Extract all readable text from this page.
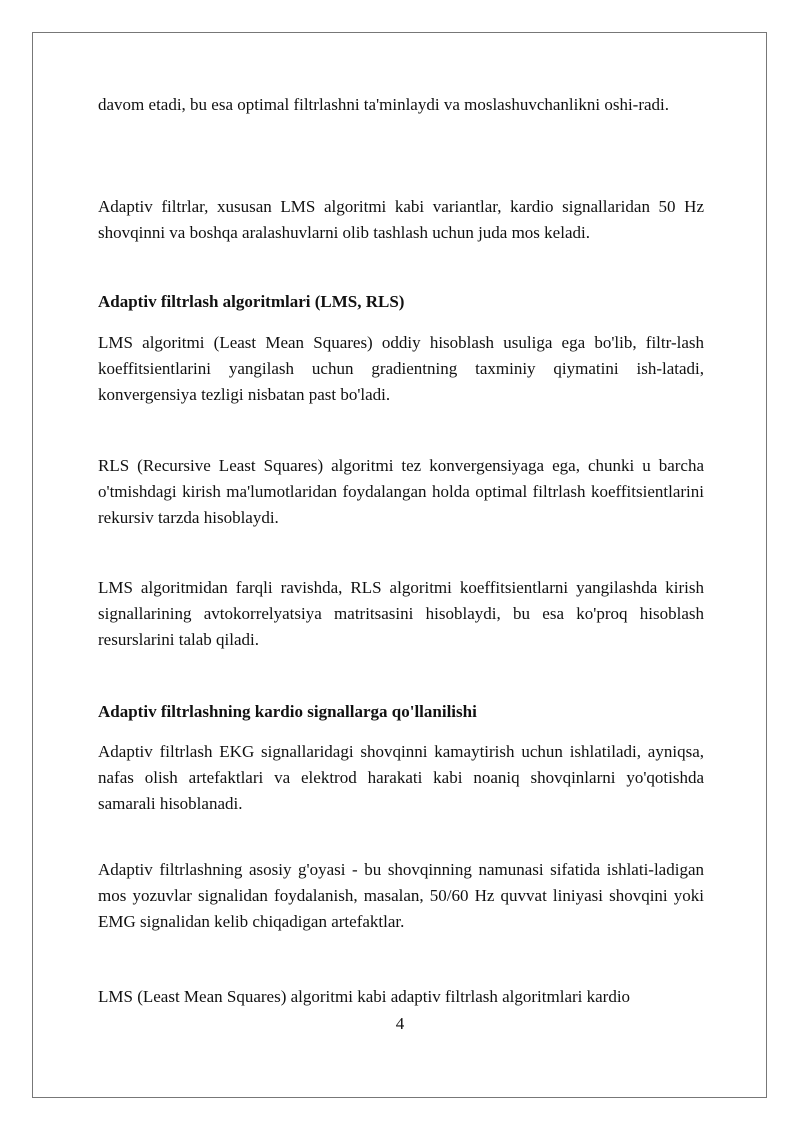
davom etadi, bu esa optimal filtrlashni ta'minlaydi va moslashuvchanlikni oshi-radi.

Adaptiv filtrlar, xususan LMS algoritmi kabi variantlar, kardio signallaridan 50 Hz shovqinni va boshqa aralashuvlarni olib tashlash uchun juda mos keladi.

Adaptiv filtrlash algoritmlari (LMS, RLS)

LMS algoritmi (Least Mean Squares) oddiy hisoblash usuliga ega bo'lib, filtr-lash koeffitsientlarini yangilash uchun gradientning taxminiy qiymatini ish-latadi, konvergensiya tezligi nisbatan past bo'ladi.

RLS (Recursive Least Squares) algoritmi tez konvergensiyaga ega, chunki u barcha o'tmishdagi kirish ma'lumotlaridan foydalangan holda optimal filtrlash koeffitsientlarini rekursiv tarzda hisoblaydi.

LMS algoritmidan farqli ravishda, RLS algoritmi koeffitsientlarni yangilashda kirish signallarining avtokorrelyatsiya matritsasini hisoblaydi, bu esa ko'proq hisoblash resurslarini talab qiladi.

Adaptiv filtrlashning kardio signallarga qo'llanilishi

Adaptiv filtrlash EKG signallaridagi shovqinni kamaytirish uchun ishlatiladi, ayniqsa, nafas olish artefaktlari va elektrod harakati kabi noaniq shovqinlarni yo'qotishda samarali hisoblanadi.

Adaptiv filtrlashning asosiy g'oyasi - bu shovqinning namunasi sifatida ishlati-ladigan mos yozuvlar signalidan foydalanish, masalan, 50/60 Hz quvvat liniyasi shovqini yoki EMG signalidan kelib chiqadigan artefaktlar.

LMS (Least Mean Squares) algoritmi kabi adaptiv filtrlash algoritmlari kardio

4
